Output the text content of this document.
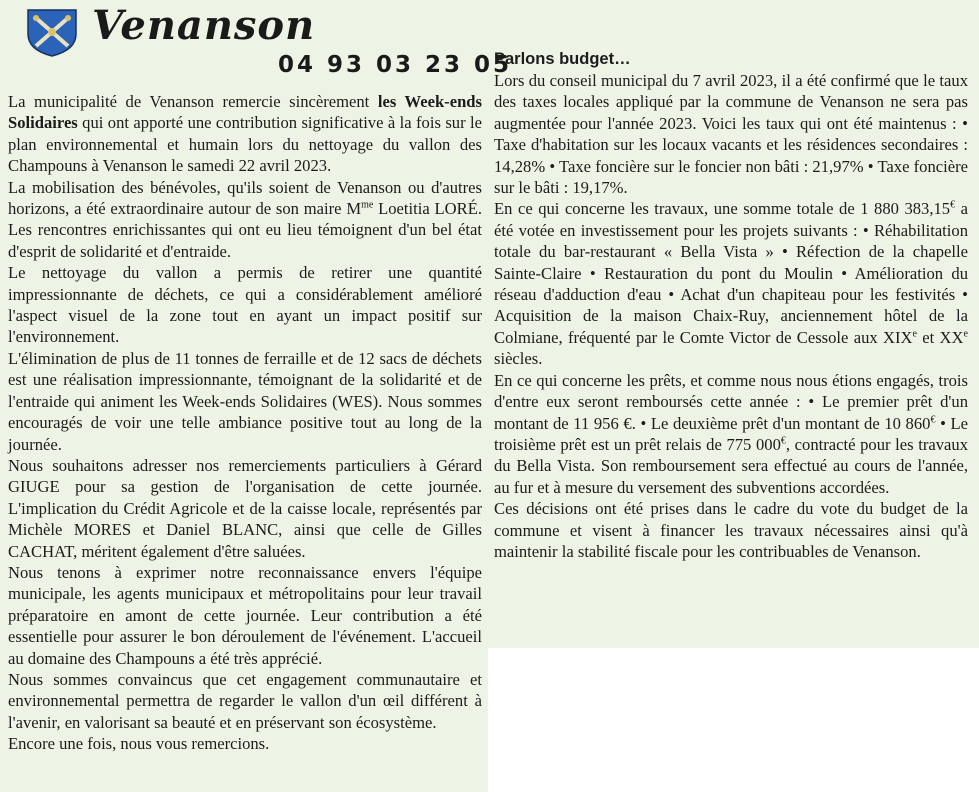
Venanson
04 93 03 23 05

La municipalité de Venanson remercie sincèrement les Week-ends Solidaires qui ont apporté une contribution significative à la fois sur le plan environnemental et humain lors du nettoyage du vallon des Champouns à Venanson le samedi 22 avril 2023.

La mobilisation des bénévoles, qu'ils soient de Venanson ou d'autres horizons, a été extraordinaire autour de son maire $M^{me}$ Loetitia LORÉ. Les rencontres enrichissantes qui ont eu lieu témoignent d'un bel état d'esprit de solidarité et d'entraide.

Le nettoyage du vallon a permis de retirer une quantité impressionnante de déchets, ce qui a considérablement amélioré l'aspect visuel de la zone tout en ayant un impact positif sur l'environnement.

L'élimination de plus de 11 tonnes de ferraille et de 12 sacs de déchets est une réalisation impressionnante, témoignant de la solidarité et de l'entraide qui animent les Week-ends Solidaires (WES). Nous sommes encouragés de voir une telle ambiance positive tout au long de la journée.

Nous souhaitons adresser nos remerciements particuliers à Gérard GIUGE pour sa gestion de l'organisation de cette journée. L'implication du Crédit Agricole et de la caisse locale, représentés par Michèle MORES et Daniel BLANC, ainsi que celle de Gilles CACHAT, méritent également d'être saluées.

Nous tenons à exprimer notre reconnaissance envers l'équipe municipale, les agents municipaux et métropolitains pour leur travail préparatoire en amont de cette journée. Leur contribution a été essentielle pour assurer le bon déroulement de l'événement. L'accueil au domaine des Champouns a été très apprécié.

Nous sommes convaincus que cet engagement communautaire et environnemental permettra de regarder le vallon d'un œil différent à l'avenir, en valorisant sa beauté et en préservant son écosystème.

Encore une fois, nous vous remercions.

Parlons budget…

Lors du conseil municipal du 7 avril 2023, il a été confirmé que le taux des taxes locales appliqué par la commune de Venanson ne sera pas augmentée pour l'année 2023. Voici les taux qui ont été maintenus : • Taxe d'habitation sur les locaux vacants et les résidences secondaires : 14,28% • Taxe foncière sur le foncier non bâti : 21,97% • Taxe foncière sur le bâti : 19,17%.

En ce qui concerne les travaux, une somme totale de 1 880 383,15€ a été votée en investissement pour les projets suivants : • Réhabilitation totale du bar-restaurant « Bella Vista » • Réfection de la chapelle Sainte-Claire • Restauration du pont du Moulin • Amélioration du réseau d'adduction d'eau • Achat d'un chapiteau pour les festivités • Acquisition de la maison Chaix-Ruy, anciennement hôtel de la Colmiane, fréquenté par le Comte Victor de Cessole aux XIXe et XXe siècles.

En ce qui concerne les prêts, et comme nous nous étions engagés, trois d'entre eux seront remboursés cette année : • Le premier prêt d'un montant de 11 956 €. • Le deuxième prêt d'un montant de 10 860€ • Le troisième prêt est un prêt relais de 775 000€, contracté pour les travaux du Bella Vista. Son remboursement sera effectué au cours de l'année, au fur et à mesure du versement des subventions accordées.

Ces décisions ont été prises dans le cadre du vote du budget de la commune et visent à financer les travaux nécessaires ainsi qu'à maintenir la stabilité fiscale pour les contribuables de Venanson.
